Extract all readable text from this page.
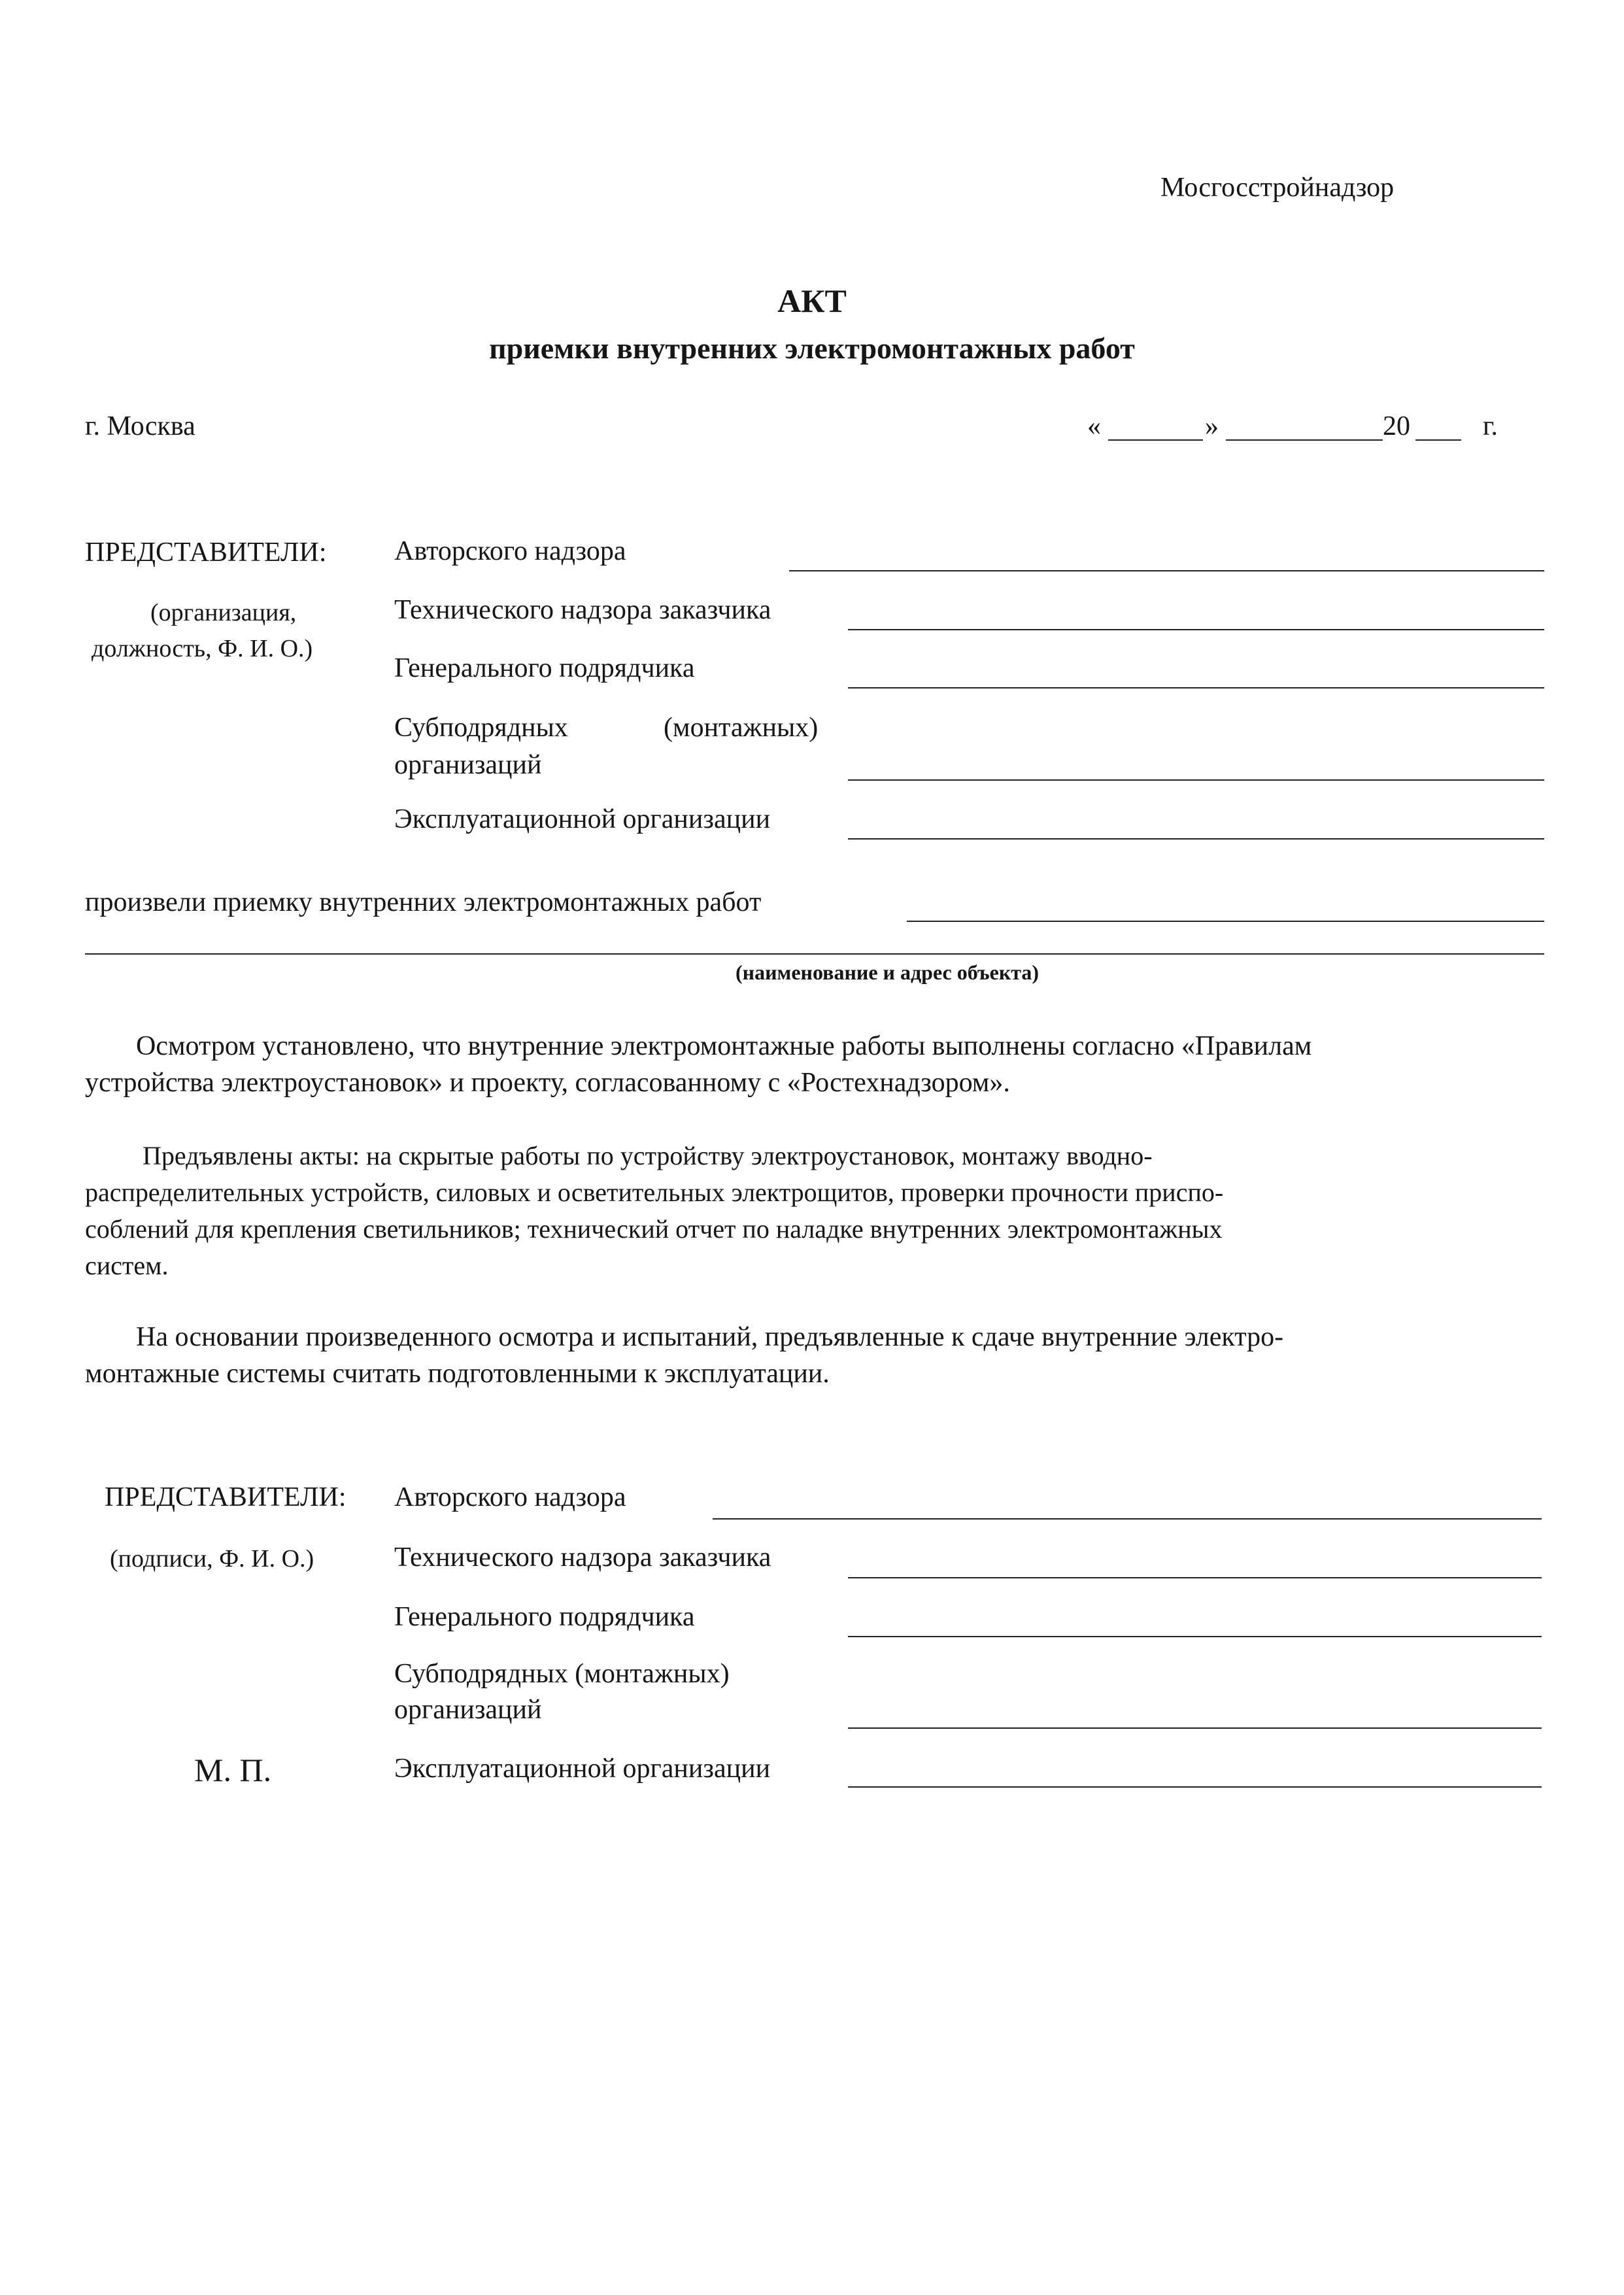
Мосгосстройнадзор
АКТ
приемки внутренних электромонтажных работ
г. Москва	«	»	20	г.
ПРЕДСТАВИТЕЛИ:
(организация,
должность, Ф. И. О.)
Авторского надзора
Технического надзора заказчика
Генерального подрядчика
Субподрядных	(монтажных)
организаций
Эксплуатационной организации
произвели приемку внутренних электромонтажных работ
(наименование и адрес объекта)
Осмотром установлено, что внутренние электромонтажные работы выполнены согласно «Правилам
устройства электроустановок» и проекту, согласованному с «Ростехнадзором».
Предъявлены акты: на скрытые работы по устройству электроустановок, монтажу вводно-
распределительных устройств, силовых и осветительных электрощитов, проверки прочности приспо-
соблений для крепления светильников; технический отчет по наладке внутренних электромонтажных
систем.
На основании произведенного осмотра и испытаний, предъявленные к сдаче внутренние электро-
монтажные системы считать подготовленными к эксплуатации.
ПРЕДСТАВИТЕЛИ:
(подписи, Ф. И. О.)
М. П.
Авторского надзора
Технического надзора заказчика
Генерального подрядчика
Субподрядных (монтажных)
организаций
Эксплуатационной организации
